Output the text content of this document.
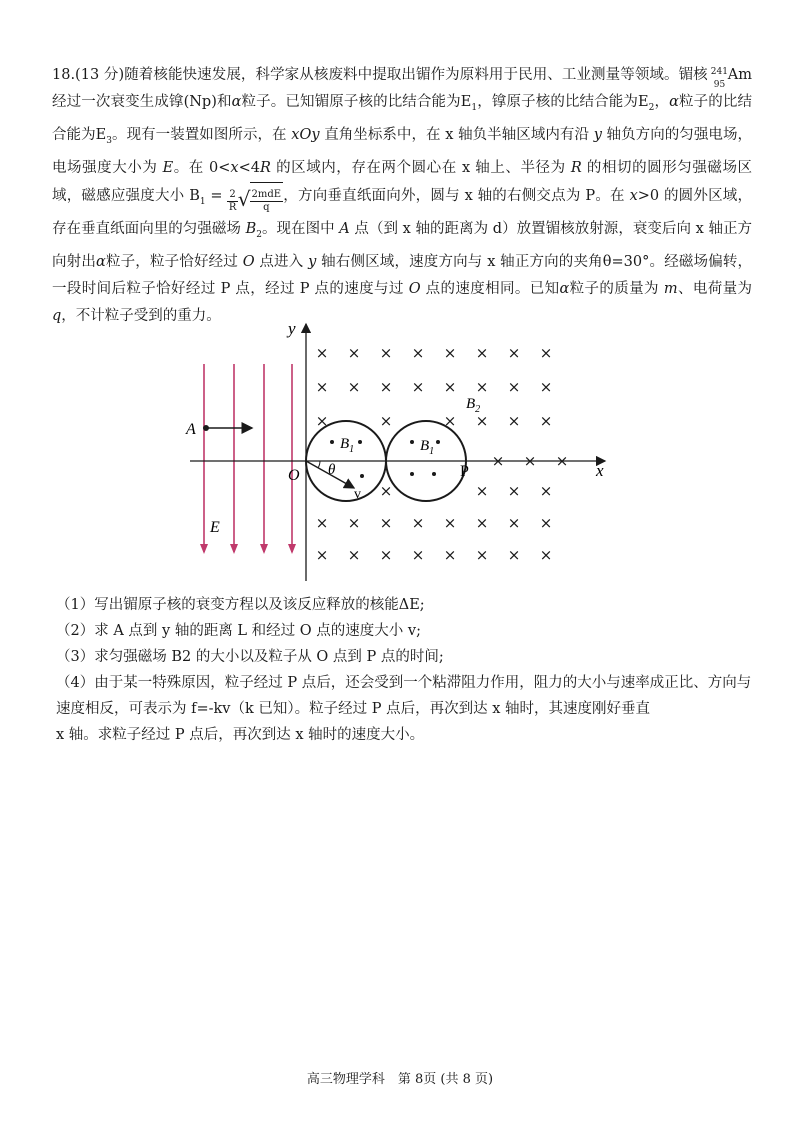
18.(13 分)随着核能快速发展，科学家从核废料中提取出镅作为原料用于民用、工业测量等领域。镅核 241
95
Am 经过一次衰变生成镎(Np)和α粒子。已知镅原子核的比结合能为$E_1$，镎原子核的比结合能为$E_2$，α粒子的比结合能为$E_3$。现有一装置如图所示，在 xOy 直角坐标系中，在 x 轴负半轴区域内有沿 y 轴负方向的匀强电场，电场强度大小为 E。在 0<x<4R 的区域内，存在两个圆心在 x 轴上、半径为 R 的相切的圆形匀强磁场区域，磁感应强度大小 $B_1 = \frac{2}{R}√ \frac{\text{2mdE}}{q}$，方向垂直纸面向外，圆与 x 轴的右侧交点为 P。在 x>0 的圆外区域，存在垂直纸面向里的匀强磁场 $B_2$。现在图中 A 点（到 x 轴的距离为 d）放置镅核放射源，衰变后向 x 轴正方向射出α粒子，粒子恰好经过 O 点进入 y 轴右侧区域，速度方向与 x 轴正方向的夹角θ=30°。经磁场偏转，一段时间后粒子恰好经过 P 点，经过 P 点的速度与过 O 点的速度相同。已知α粒子的质量为 m、电荷量为 q，不计粒子受到的重力。

y
x
O
A
E
$B_1$	$B_1$
$B_2$
θ
v
P
× × × × × × × ×
× × × × × × × ×
×	×	× × × ×
×	× × ×
× × × × × × × ×
× × × × × × × ×
× × ×

（1）写出镅原子核的衰变方程以及该反应释放的核能ΔE;

（2）求 A 点到 y 轴的距离 L 和经过 O 点的速度大小 v;

（3）求匀强磁场 B2 的大小以及粒子从 O 点到 P 点的时间;

（4）由于某一特殊原因，粒子经过 P 点后，还会受到一个粘滞阻力作用，阻力的大小与速率成正比、方向与速度相反，可表示为 f=-kv（k 已知）。粒子经过 P 点后，再次到达 x 轴时，其速度刚好垂直

x 轴。求粒子经过 P 点后，再次到达 x 轴时的速度大小。

高三物理学科　第 8页 (共 8 页)
